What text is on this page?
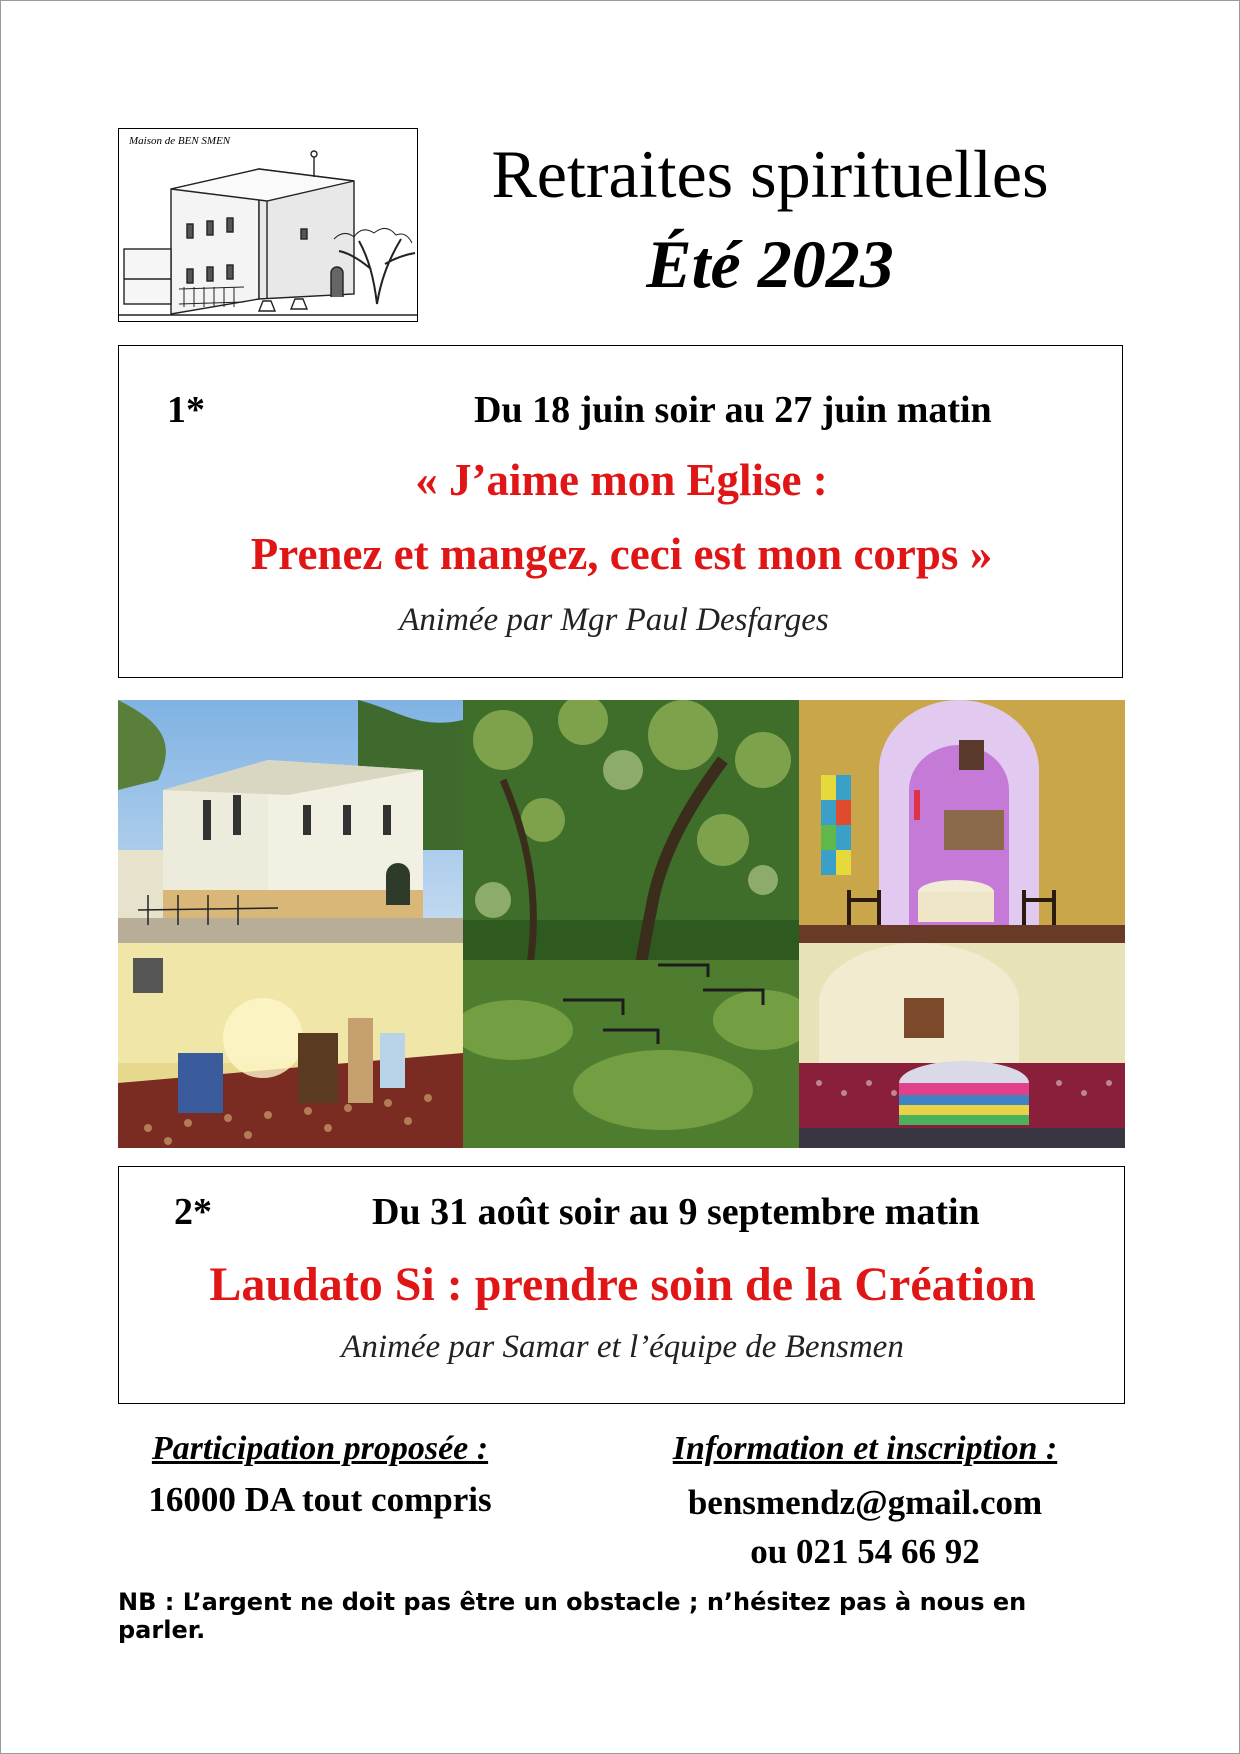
Maison de BEN SMEN	Retraites spirituelles
Été 2023
1*	Du 18 juin soir au 27 juin matin
« J’aime mon Eglise :
Prenez et mangez, ceci est mon corps »
Animée par Mgr Paul Desfarges
2*	Du 31 août soir au 9 septembre matin
Laudato Si : prendre soin de la Création
Animée par Samar et l’équipe de Bensmen
Participation proposée :
16000 DA tout compris
Information et inscription :
bensmendz@gmail.com
ou 021 54 66 92
NB : L’argent ne doit pas être un obstacle ; n’hésitez pas à nous en parler.
